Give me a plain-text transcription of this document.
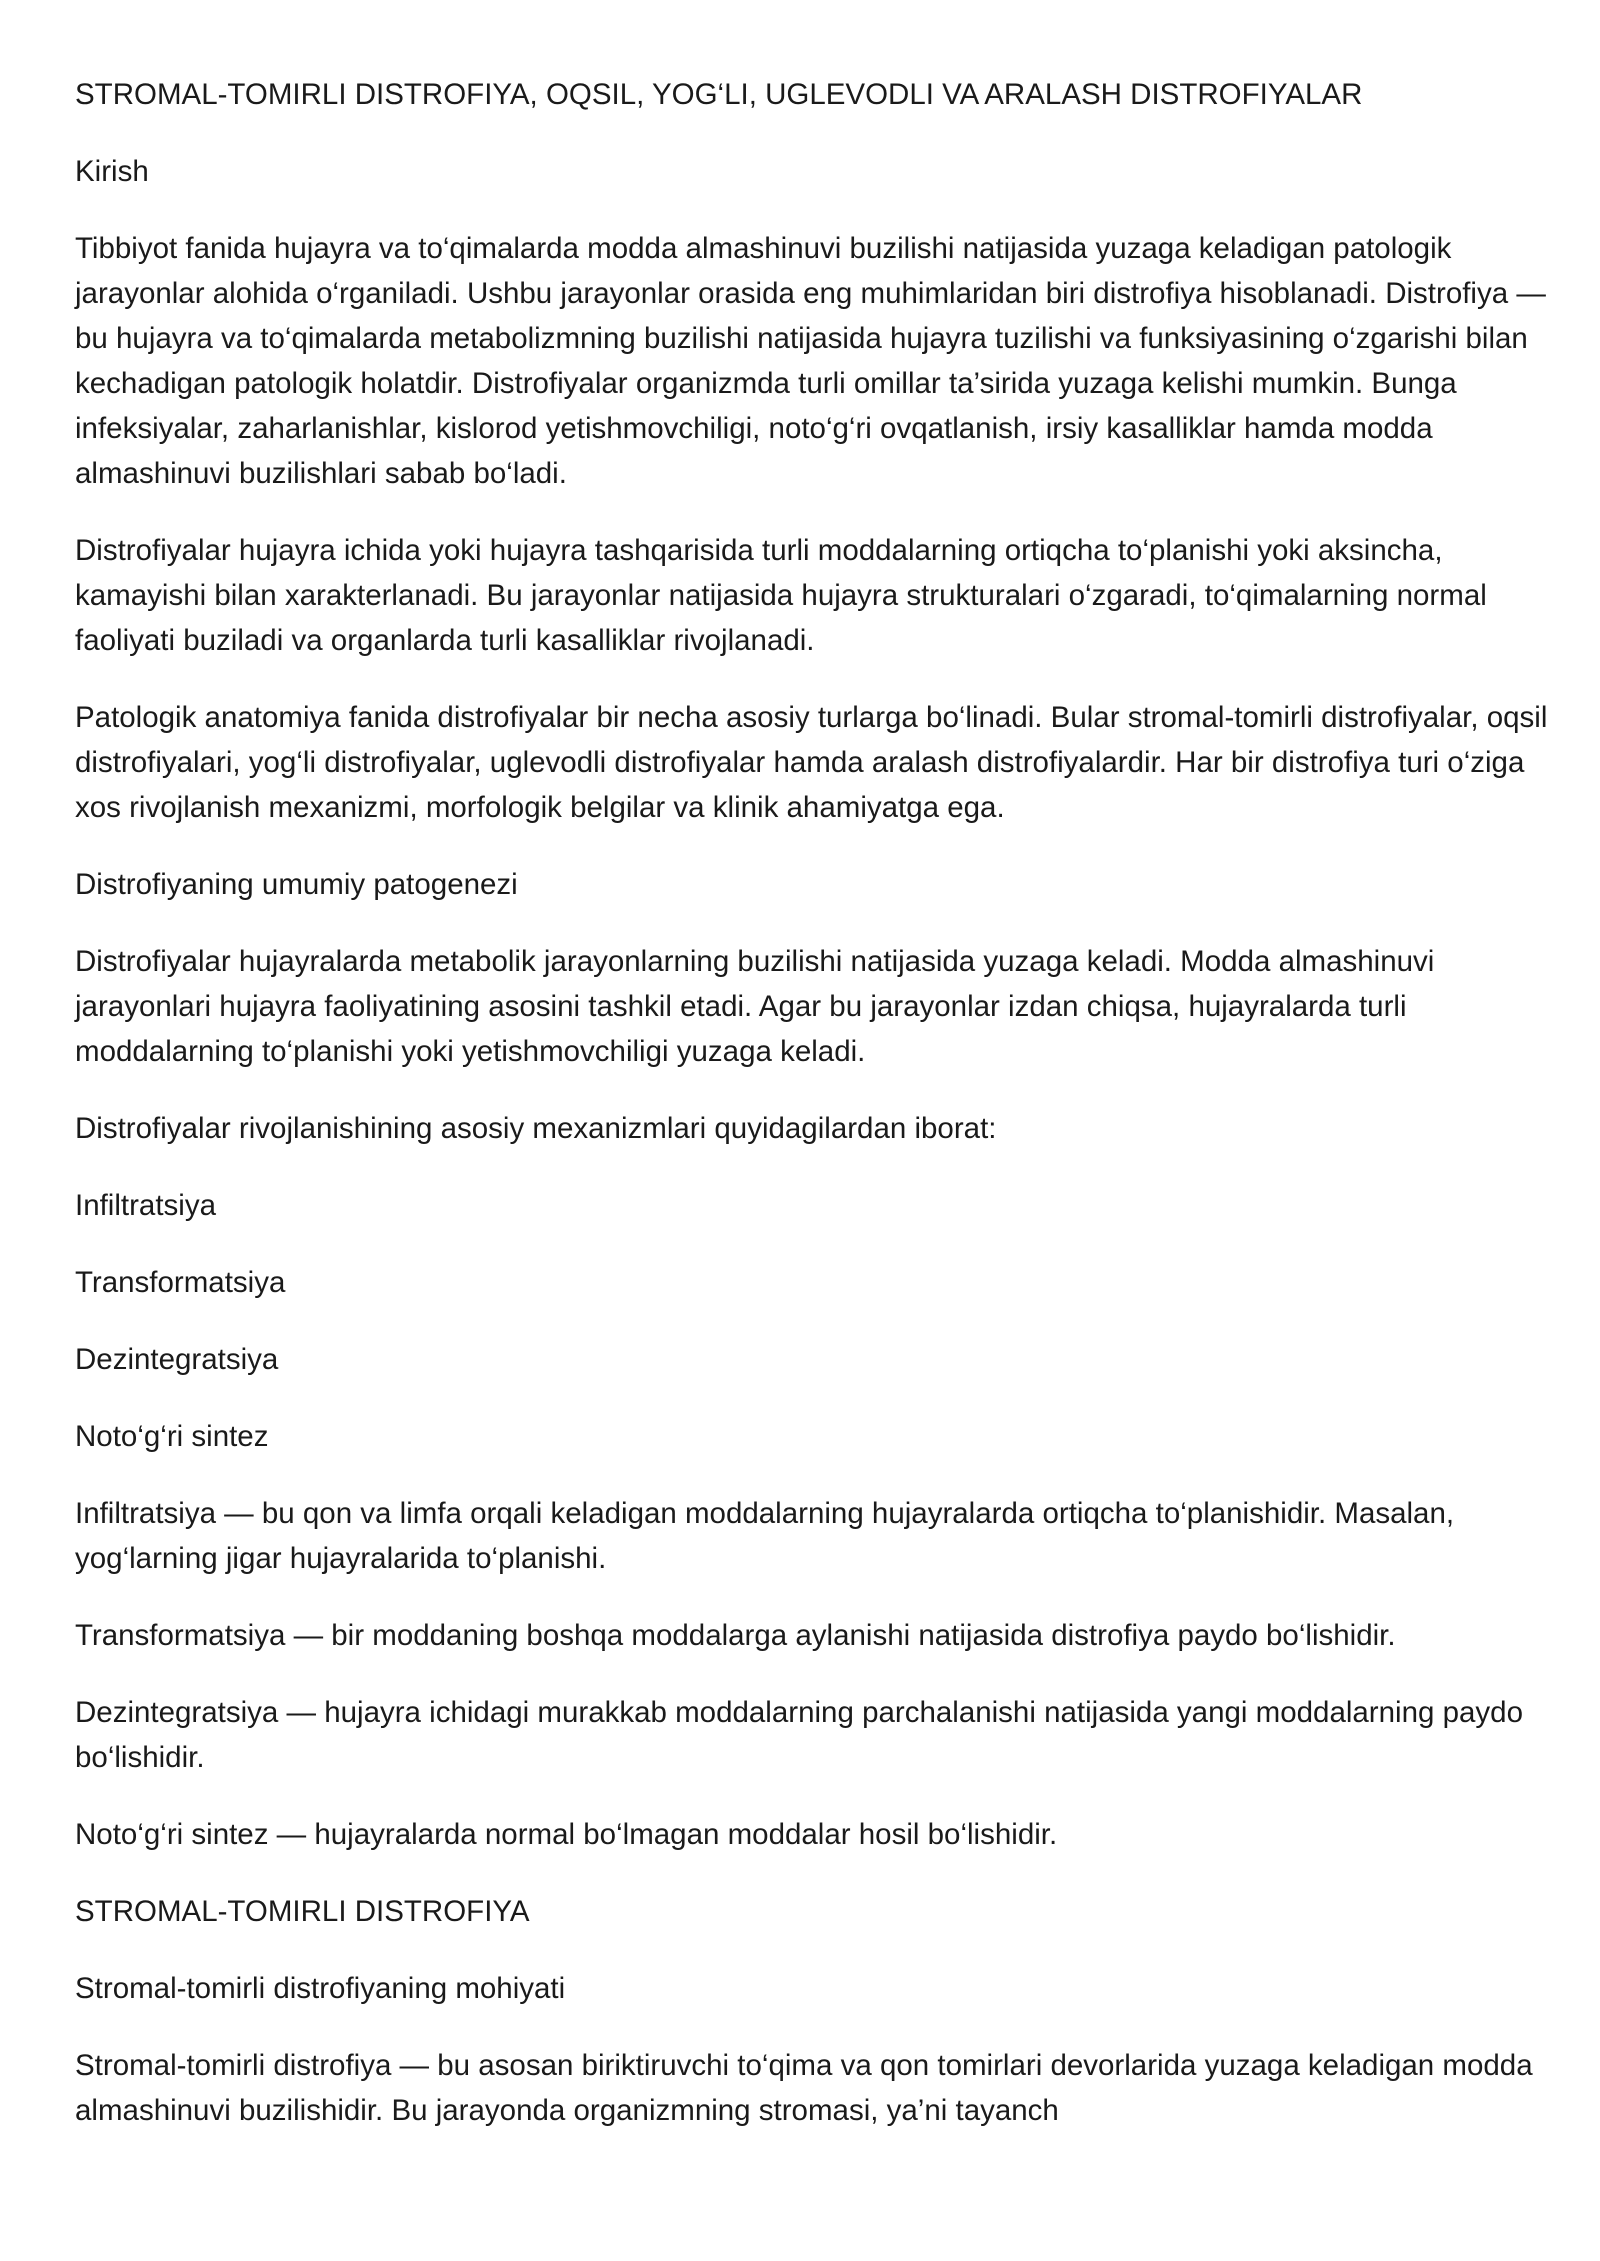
STROMAL-TOMIRLI DISTROFIYA, OQSIL, YOG‘LI, UGLEVODLI VA ARALASH DISTROFIYALAR

Kirish

Tibbiyot fanida hujayra va to‘qimalarda modda almashinuvi buzilishi natijasida yuzaga keladigan patologik jarayonlar alohida o‘rganiladi. Ushbu jarayonlar orasida eng muhimlaridan biri distrofiya hisoblanadi. Distrofiya — bu hujayra va to‘qimalarda metabolizmning buzilishi natijasida hujayra tuzilishi va funksiyasining o‘zgarishi bilan kechadigan patologik holatdir. Distrofiyalar organizmda turli omillar ta’sirida yuzaga kelishi mumkin. Bunga infeksiyalar, zaharlanishlar, kislorod yetishmovchiligi, noto‘g‘ri ovqatlanish, irsiy kasalliklar hamda modda almashinuvi buzilishlari sabab bo‘ladi.

Distrofiyalar hujayra ichida yoki hujayra tashqarisida turli moddalarning ortiqcha to‘planishi yoki aksincha, kamayishi bilan xarakterlanadi. Bu jarayonlar natijasida hujayra strukturalari o‘zgaradi, to‘qimalarning normal faoliyati buziladi va organlarda turli kasalliklar rivojlanadi.

Patologik anatomiya fanida distrofiyalar bir necha asosiy turlarga bo‘linadi. Bular stromal-tomirli distrofiyalar, oqsil distrofiyalari, yog‘li distrofiyalar, uglevodli distrofiyalar hamda aralash distrofiyalardir. Har bir distrofiya turi o‘ziga xos rivojlanish mexanizmi, morfologik belgilar va klinik ahamiyatga ega.

Distrofiyaning umumiy patogenezi

Distrofiyalar hujayralarda metabolik jarayonlarning buzilishi natijasida yuzaga keladi. Modda almashinuvi jarayonlari hujayra faoliyatining asosini tashkil etadi. Agar bu jarayonlar izdan chiqsa, hujayralarda turli moddalarning to‘planishi yoki yetishmovchiligi yuzaga keladi.

Distrofiyalar rivojlanishining asosiy mexanizmlari quyidagilardan iborat:

Infiltratsiya

Transformatsiya

Dezintegratsiya

Noto‘g‘ri sintez

Infiltratsiya — bu qon va limfa orqali keladigan moddalarning hujayralarda ortiqcha to‘planishidir. Masalan, yog‘larning jigar hujayralarida to‘planishi.

Transformatsiya — bir moddaning boshqa moddalarga aylanishi natijasida distrofiya paydo bo‘lishidir.

Dezintegratsiya — hujayra ichidagi murakkab moddalarning parchalanishi natijasida yangi moddalarning paydo bo‘lishidir.

Noto‘g‘ri sintez — hujayralarda normal bo‘lmagan moddalar hosil bo‘lishidir.

STROMAL-TOMIRLI DISTROFIYA

Stromal-tomirli distrofiyaning mohiyati

Stromal-tomirli distrofiya — bu asosan biriktiruvchi to‘qima va qon tomirlari devorlarida yuzaga keladigan modda almashinuvi buzilishidir. Bu jarayonda organizmning stromasi, ya’ni tayanch
